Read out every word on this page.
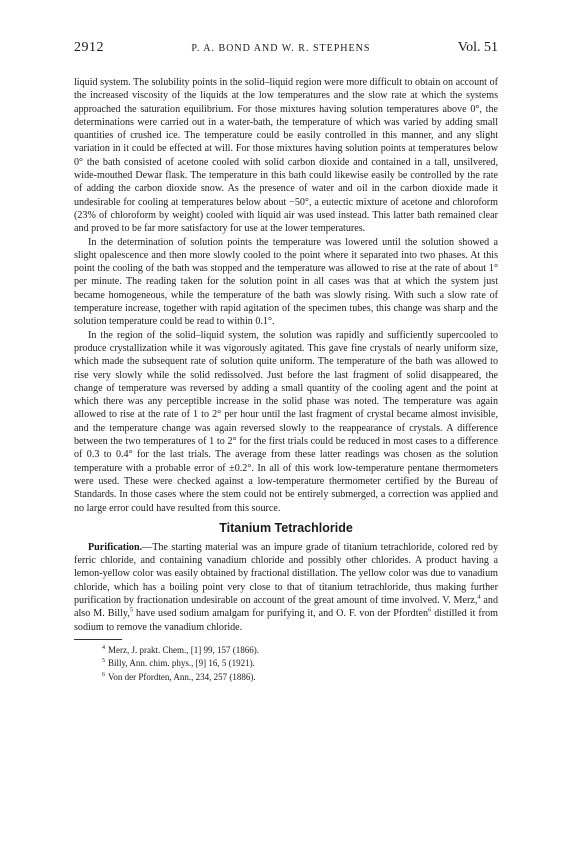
2912	P. A. BOND AND W. R. STEPHENS	Vol. 51

liquid system. The solubility points in the solid–liquid region were more difficult to obtain on account of the increased viscosity of the liquids at the low temperatures and the slow rate at which the systems approached the saturation equilibrium. For those mixtures having solution temperatures above 0°, the determinations were carried out in a water-bath, the temperature of which was varied by adding small quantities of crushed ice. The temperature could be easily controlled in this manner, and any slight variation in it could be effected at will. For those mixtures having solution points at temperatures below 0° the bath consisted of acetone cooled with solid carbon dioxide and contained in a tall, unsilvered, wide-mouthed Dewar flask. The temperature in this bath could likewise easily be controlled by the rate of adding the carbon dioxide snow. As the presence of water and oil in the carbon dioxide made it undesirable for cooling at temperatures below about −50°, a eutectic mixture of acetone and chloroform (23% of chloroform by weight) cooled with liquid air was used instead. This latter bath remained clear and proved to be far more satisfactory for use at the lower temperatures.

In the determination of solution points the temperature was lowered until the solution showed a slight opalescence and then more slowly cooled to the point where it separated into two phases. At this point the cooling of the bath was stopped and the temperature was allowed to rise at the rate of about 1° per minute. The reading taken for the solution point in all cases was that at which the system just became homogeneous, while the temperature of the bath was slowly rising. With such a slow rate of temperature increase, together with rapid agitation of the specimen tubes, this change was sharp and the solution temperature could be read to within 0.1°.

In the region of the solid–liquid system, the solution was rapidly and sufficiently supercooled to produce crystallization while it was vigorously agitated. This gave fine crystals of nearly uniform size, which made the subsequent rate of solution quite uniform. The temperature of the bath was allowed to rise very slowly while the solid redissolved. Just before the last fragment of solid disappeared, the change of temperature was reversed by adding a small quantity of the cooling agent and the point at which there was any perceptible increase in the solid phase was noted. The temperature was again allowed to rise at the rate of 1 to 2° per hour until the last fragment of crystal became almost invisible, and the temperature change was again reversed slowly to the reappearance of crystals. A difference between the two temperatures of 1 to 2° for the first trials could be reduced in most cases to a difference of 0.3 to 0.4° for the last trials. The average from these latter readings was chosen as the solution temperature with a probable error of ±0.2°. In all of this work low-temperature pentane thermometers were used. These were checked against a low-temperature thermometer certified by the Bureau of Standards. In those cases where the stem could not be entirely submerged, a correction was applied and no large error could have resulted from this source.

Titanium Tetrachloride

Purification.—The starting material was an impure grade of titanium tetrachloride, colored red by ferric chloride, and containing vanadium chloride and possibly other chlorides. A product having a lemon-yellow color was easily obtained by fractional distillation. The yellow color was due to vanadium chloride, which has a boiling point very close to that of titanium tetrachloride, thus making further purification by fractionation undesirable on account of the great amount of time involved. V. Merz,$^4$ and also M. Billy,$^5$ have used sodium amalgam for purifying it, and O. F. von der Pfordten$^6$ distilled it from sodium to remove the vanadium chloride.

$^4$ Merz, J. prakt. Chem., [1] 99, 157 (1866).
$^5$ Billy, Ann. chim. phys., [9] 16, 5 (1921).
$^6$ Von der Pfordten, Ann., 234, 257 (1886).
